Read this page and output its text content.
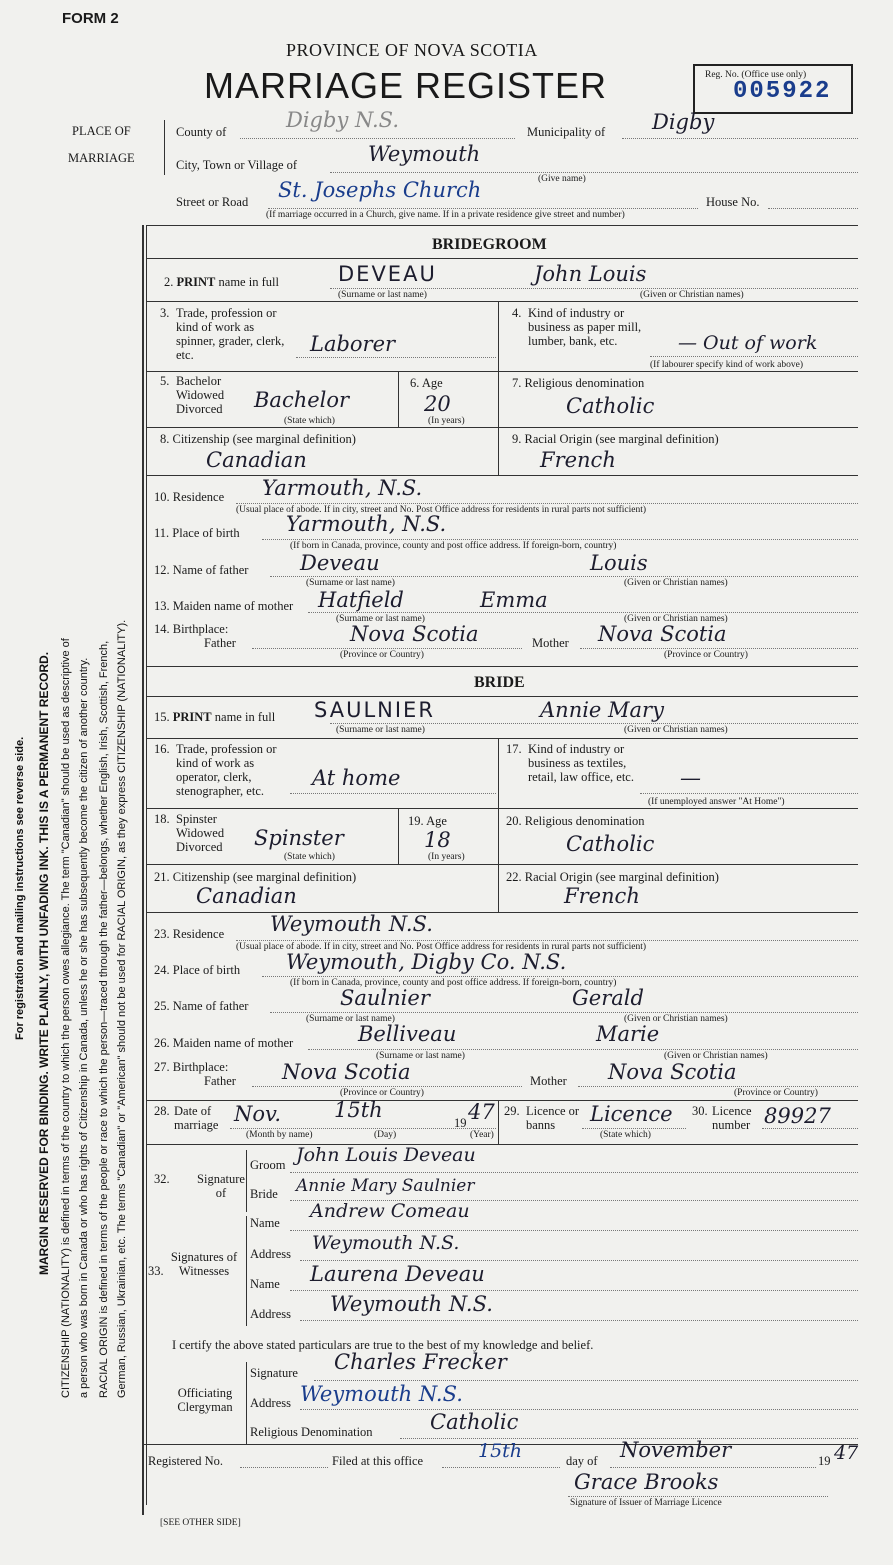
MARGIN RESERVED FOR BINDING. WRITE PLAINLY, WITH UNFADING INK. THIS IS A PERMANENT RECORD.
For registration and mailing instructions see reverse side.	CITIZENSHIP (NATIONALITY) is defined in terms of the country to which the person owes allegiance. The term "Canadian" should be used as descriptive of a person who was born in Canada or who has rights of Citizenship in Canada, unless he or she has subsequently become the citizen of another country. RACIAL ORIGIN is defined in terms of the people or race to which the person—traced through the father—belongs, whether English, Irish, Scottish, French, German, Russian, Ukrainian, etc. The terms "Canadian" or "American" should not be used for RACIAL ORIGIN, as they express CITIZENSHIP (NATIONALITY).
FORM 2
PROVINCE OF NOVA SCOTIA
MARRIAGE REGISTER	Reg. No. (Office use only)
005922
PLACE OF
MARRIAGE
County of	Digby N.S.	Municipality of Digby
City, Town or Village of	Weymouth
(Give name)
Street or Road St. Josephs Church	House No.
(If marriage occurred in a Church, give name. If in a private residence give street and number)
BRIDEGROOM
2. PRINT name in full	DEVEAU	John Louis
(Surname or last name)	(Given or Christian names)
3. Trade, profession or kind of work as spinner, grader, clerk, etc.	Laborer
4. Kind of industry or business as paper mill, lumber, bank, etc.	— Out of work
(If labourer specify kind of work above)
5. Bachelor Widowed Divorced	Bachelor
(State which)
6. Age
20
(In years)
7. Religious denomination
Catholic
8. Citizenship (see marginal definition)
Canadian
9. Racial Origin (see marginal definition)
French
10. Residence Yarmouth, N.S.
(Usual place of abode. If in city, street and No. Post Office address for residents in rural parts not sufficient)
11. Place of birth Yarmouth, N.S.
(If born in Canada, province, county and post office address. If foreign-born, country)
12. Name of father Deveau	Louis
(Surname or last name)	(Given or Christian names)
13. Maiden name of mother Hatfield	Emma
(Surname or last name)	(Given or Christian names)
14. Birthplace:
Father	Nova Scotia	Mother Nova Scotia
(Province or Country)	(Province or Country)
BRIDE
15. PRINT name in full SAULNIER	Annie Mary
(Surname or last name)	(Given or Christian names)
16. Trade, profession or kind of work as operator, clerk, stenographer, etc.
At home
17. Kind of industry or business as textiles, retail, law office, etc. —
(If unemployed answer "At Home")
18. Spinster Widowed Divorced	Spinster
(State which)
19. Age
18
(In years)
20. Religious denomination
Catholic
21. Citizenship (see marginal definition)
Canadian
22. Racial Origin (see marginal definition)
French
23. Residence Weymouth N.S.
(Usual place of abode. If in city, street and No. Post Office address for residents in rural parts not sufficient)
24. Place of birth Weymouth, Digby Co. N.S.
(If born in Canada, province, county and post office address. If foreign-born, country)
25. Name of father	Saulnier	Gerald
(Surname or last name)	(Given or Christian names)
26. Maiden name of mother	Belliveau	Marie
(Surname or last name)	(Given or Christian names)
27. Birthplace:
Father Nova Scotia	Mother Nova Scotia
(Province or Country)	(Province or Country)
28. Date of marriage Nov.	15th
19 47
(Month by name)	(Day)	(Year)
29. Licence or banns	Licence
(State which)
30. Licence number 89927
32. Signature of
Groom John Louis Deveau
Bride Annie Mary Saulnier
33.
Signatures of Witnesses
Name
Andrew Comeau
Address Weymouth N.S.
Name Laurena Deveau
Address Weymouth N.S.
I certify the above stated particulars are true to the best of my knowledge and belief.
Officiating Clergyman
Signature Charles Frecker
Address Weymouth N.S.
Religious Denomination	Catholic
Registered No.	Filed at this office	15th	day of November	19 47
Grace Brooks
Signature of Issuer of Marriage Licence
[SEE OTHER SIDE]
